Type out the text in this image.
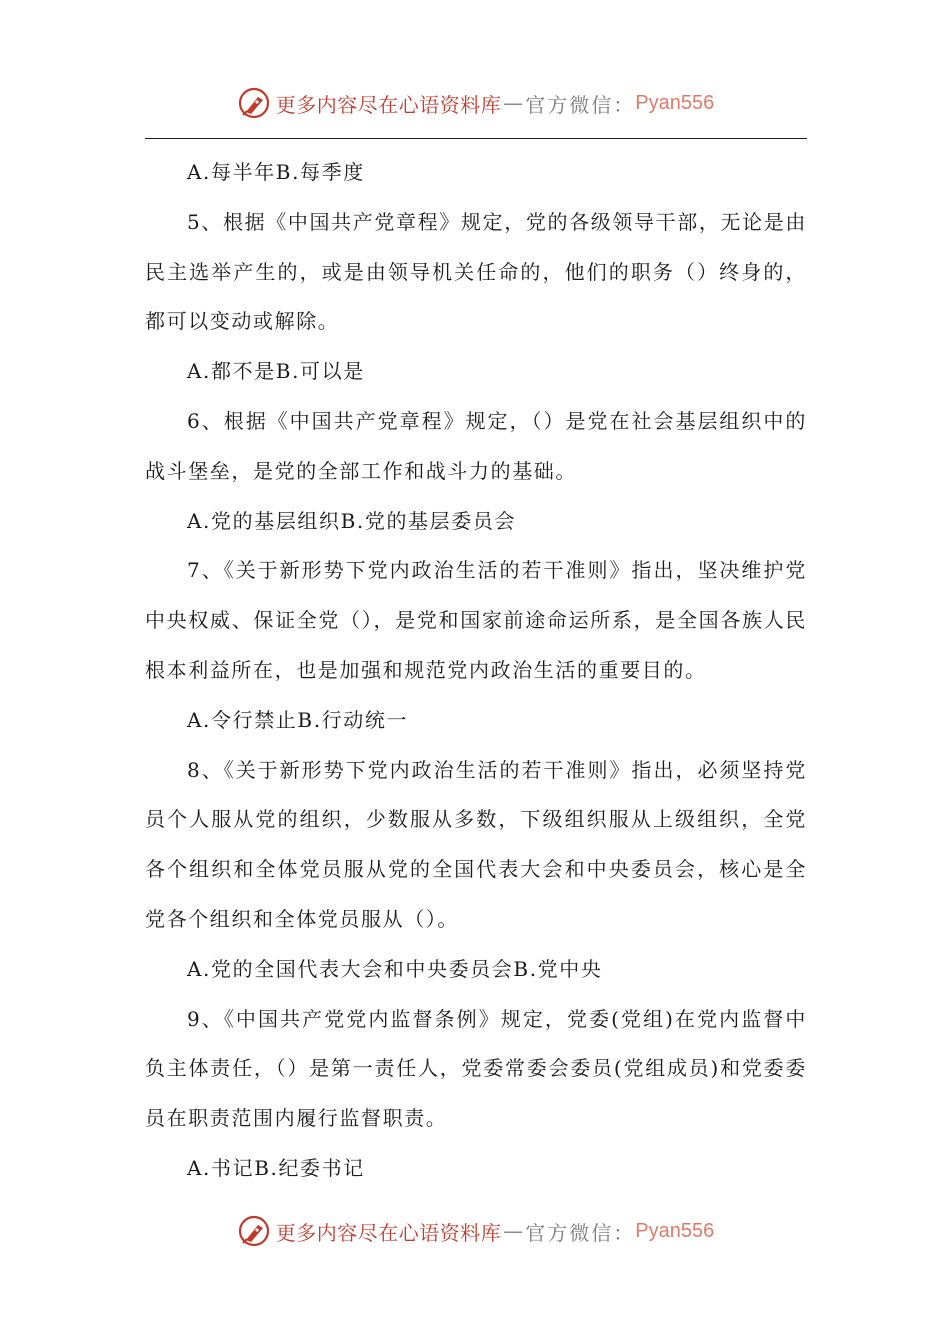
更多内容尽在心语资料库 — 官方微信： Pyan556

A.每半年B.每季度

5、根据《中国共产党章程》规定，党的各级领导干部，无论是由民主选举产生的，或是由领导机关任命的，他们的职务（）终身的，都可以变动或解除。

A.都不是B.可以是

6、根据《中国共产党章程》规定，（）是党在社会基层组织中的战斗堡垒，是党的全部工作和战斗力的基础。

A.党的基层组织B.党的基层委员会

7、《关于新形势下党内政治生活的若干准则》指出，坚决维护党中央权威、保证全党（），是党和国家前途命运所系，是全国各族人民根本利益所在，也是加强和规范党内政治生活的重要目的。

A.令行禁止B.行动统一

8、《关于新形势下党内政治生活的若干准则》指出，必须坚持党员个人服从党的组织，少数服从多数，下级组织服从上级组织，全党各个组织和全体党员服从党的全国代表大会和中央委员会，核心是全党各个组织和全体党员服从（）。

A.党的全国代表大会和中央委员会B.党中央

9、《中国共产党党内监督条例》规定，党委(党组)在党内监督中负主体责任，（）是第一责任人，党委常委会委员(党组成员)和党委委员在职责范围内履行监督职责。

A.书记B.纪委书记

更多内容尽在心语资料库 — 官方微信： Pyan556
